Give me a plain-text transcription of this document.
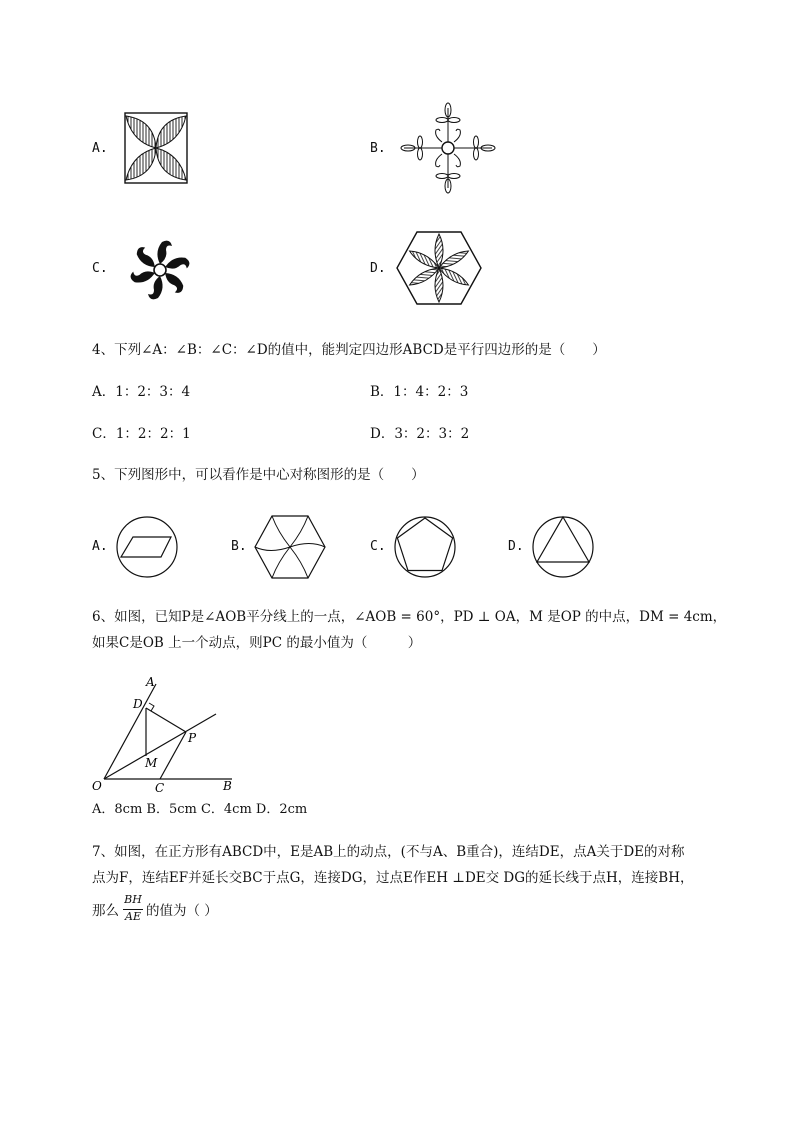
A.	B.
C.	D.
4、下列∠A：∠B：∠C：∠D的值中，能判定四边形ABCD是平行四边形的是（　　）
A．1：2：3：4	B．1：4：2：3
C．1：2：2：1	D．3：2：3：2
5、下列图形中，可以看作是中心对称图形的是（　　）
A.	B.	C.	D.
6、如图，已知P是∠AOB平分线上的一点，∠AOB = 60°，PD ⊥ OA，M 是OP 的中点，DM = 4cm，
如果C是OB 上一个动点，则PC 的最小值为（　　　）
A
D
P
M
O	C	B
A．8cm B．5cm C．4cm D．2cm
7、如图，在正方形有ABCD中，E是AB上的动点，(不与A、B重合)，连结DE，点A关于DE的对称
点为F，连结EF并延长交BC于点G，连接DG，过点E作EH ⊥DE交 DG的延长线于点H，连接BH，
那么
BH
AE 的值为（ ）
